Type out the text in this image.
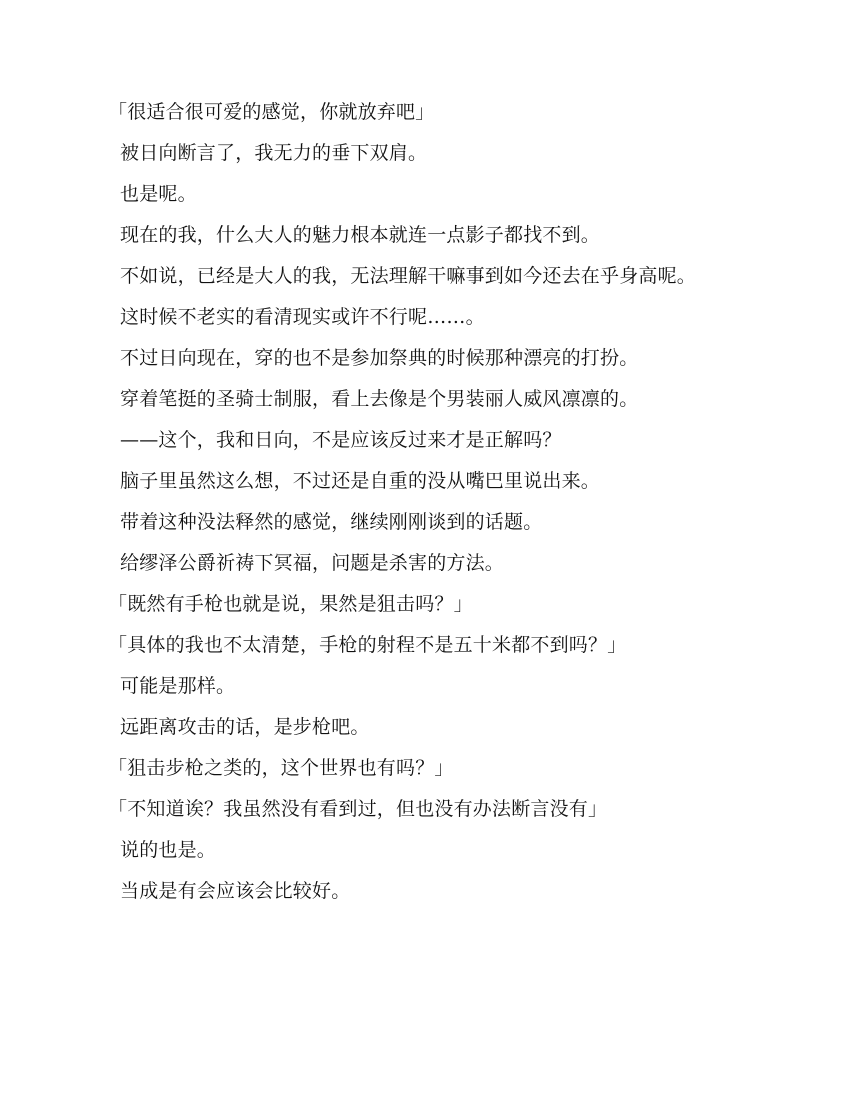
「很适合很可爱的感觉，你就放弃吧」
被日向断言了，我无力的垂下双肩。
也是呢。
现在的我，什么大人的魅力根本就连一点影子都找不到。
不如说，已经是大人的我，无法理解干嘛事到如今还去在乎身高呢。
这时候不老实的看清现实或许不行呢……。
不过日向现在，穿的也不是参加祭典的时候那种漂亮的打扮。
穿着笔挺的圣骑士制服，看上去像是个男装丽人威风凛凛的。
——这个，我和日向，不是应该反过来才是正解吗？
脑子里虽然这么想，不过还是自重的没从嘴巴里说出来。
带着这种没法释然的感觉，继续刚刚谈到的话题。
给缪泽公爵祈祷下冥福，问题是杀害的方法。
「既然有手枪也就是说，果然是狙击吗？」
「具体的我也不太清楚，手枪的射程不是五十米都不到吗？」
可能是那样。
远距离攻击的话，是步枪吧。
「狙击步枪之类的，这个世界也有吗？」
「不知道诶？我虽然没有看到过，但也没有办法断言没有」
说的也是。
当成是有会应该会比较好。
